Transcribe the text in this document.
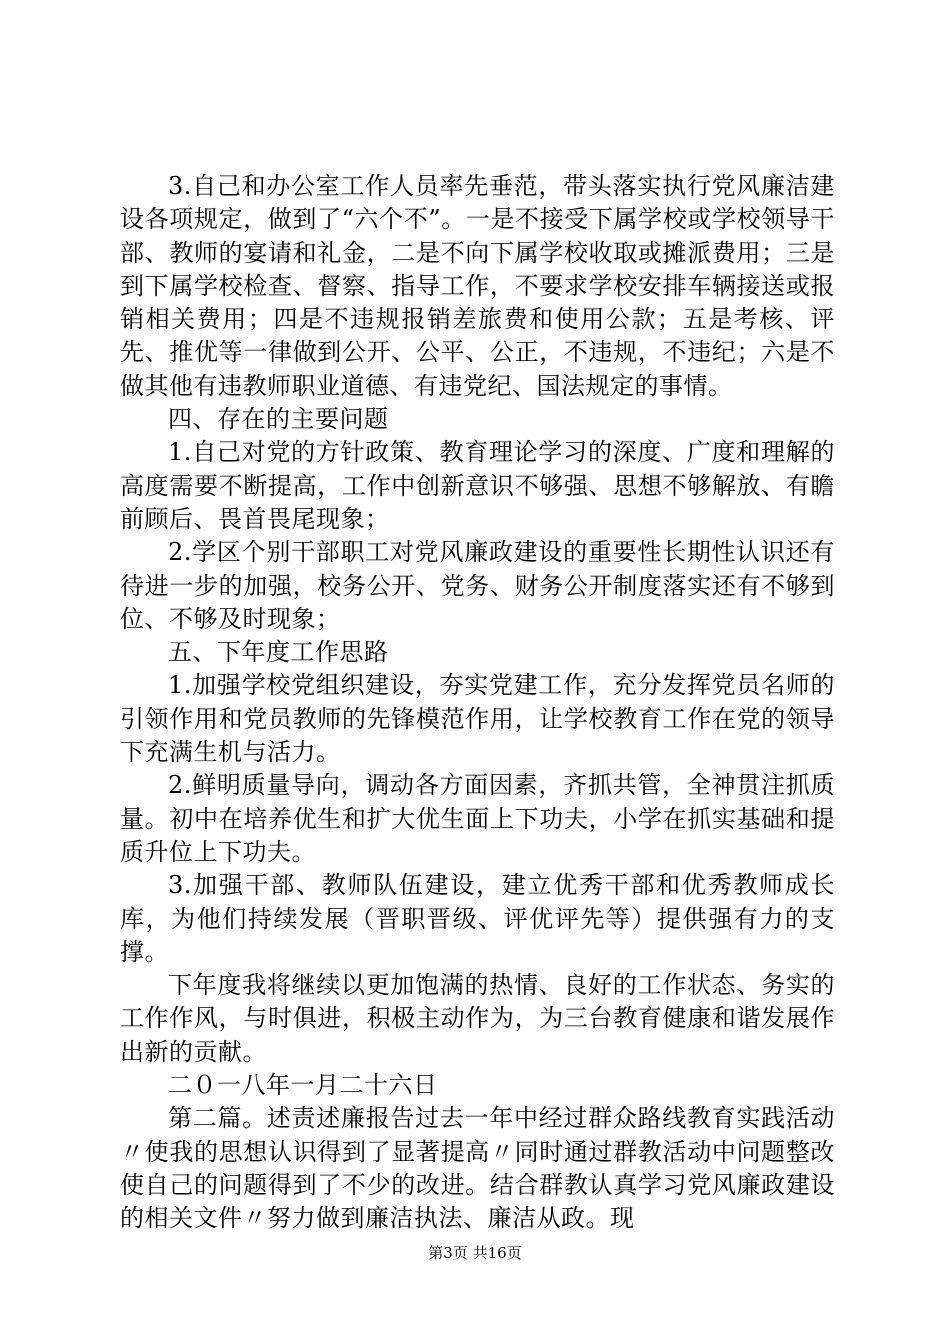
3.自己和办公室工作人员率先垂范，带头落实执行党风廉洁建设各项规定，做到了“六个不”。一是不接受下属学校或学校领导干部、教师的宴请和礼金，二是不向下属学校收取或摊派费用；三是到下属学校检查、督察、指导工作，不要求学校安排车辆接送或报销相关费用；四是不违规报销差旅费和使用公款；五是考核、评先、推优等一律做到公开、公平、公正，不违规，不违纪；六是不做其他有违教师职业道德、有违党纪、国法规定的事情。

四、存在的主要问题

1.自己对党的方针政策、教育理论学习的深度、广度和理解的高度需要不断提高，工作中创新意识不够强、思想不够解放、有瞻前顾后、畏首畏尾现象；

2.学区个别干部职工对党风廉政建设的重要性长期性认识还有待进一步的加强，校务公开、党务、财务公开制度落实还有不够到位、不够及时现象；

五、下年度工作思路

1.加强学校党组织建设，夯实党建工作，充分发挥党员名师的引领作用和党员教师的先锋模范作用，让学校教育工作在党的领导下充满生机与活力。

2.鲜明质量导向，调动各方面因素，齐抓共管，全神贯注抓质量。初中在培养优生和扩大优生面上下功夫，小学在抓实基础和提质升位上下功夫。

3.加强干部、教师队伍建设，建立优秀干部和优秀教师成长库，为他们持续发展（晋职晋级、评优评先等）提供强有力的支撑。

下年度我将继续以更加饱满的热情、良好的工作状态、务实的工作作风，与时俱进，积极主动作为，为三台教育健康和谐发展作出新的贡献。

二０一八年一月二十六日

第二篇。述责述廉报告过去一年中经过群众路线教育实践活动〃使我的思想认识得到了显著提高〃同时通过群教活动中问题整改使自己的问题得到了不少的改进。结合群教认真学习党风廉政建设的相关文件〃努力做到廉洁执法、廉洁从政。现

第3页 共16页
